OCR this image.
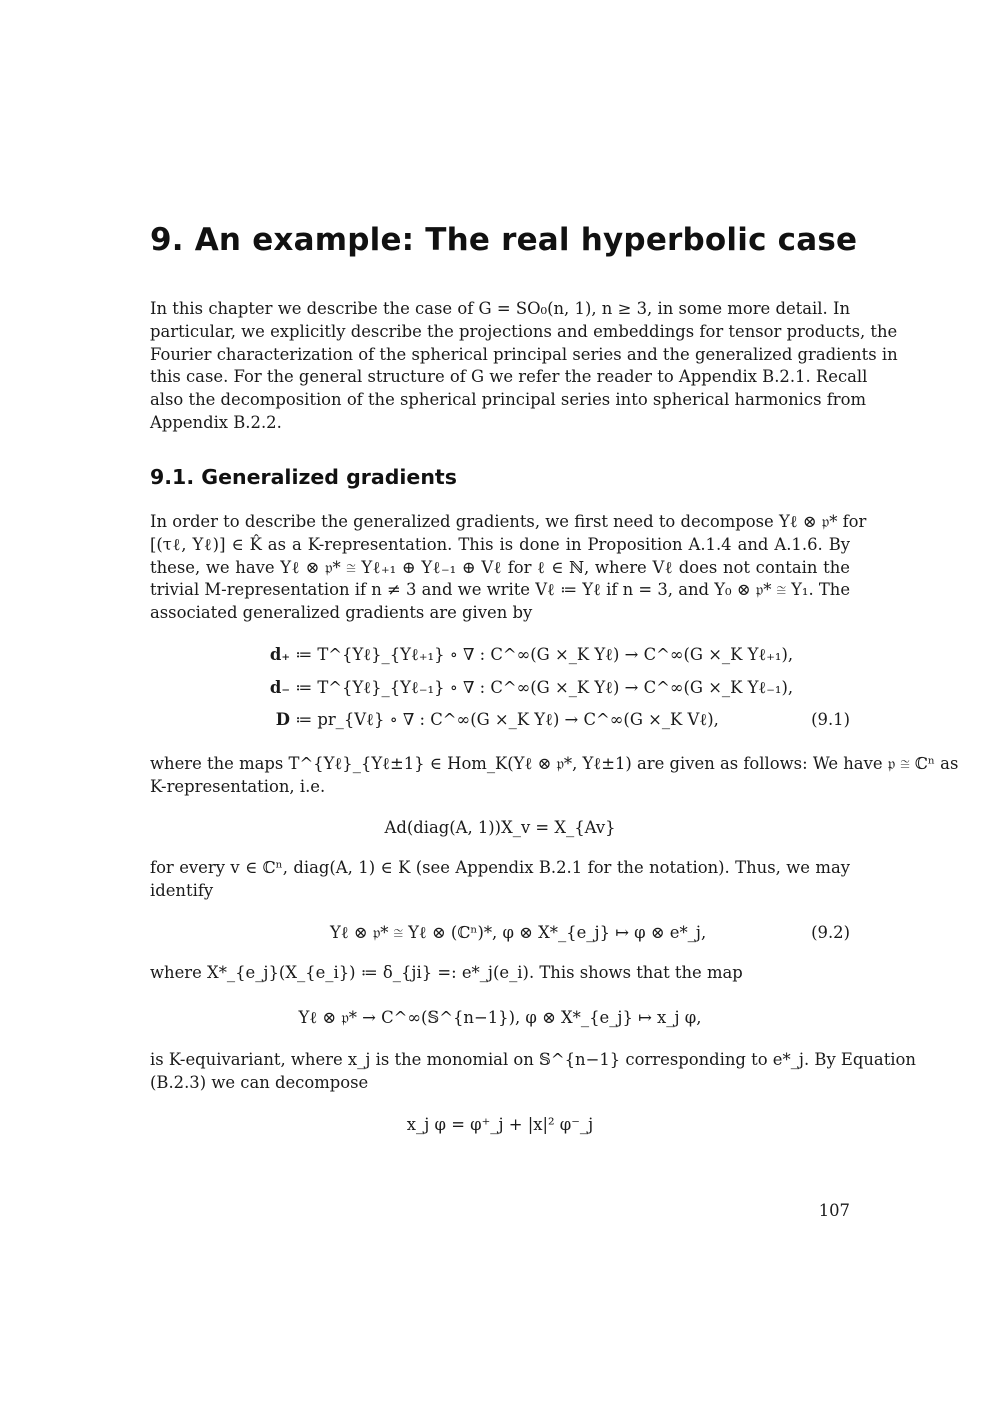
9. An example: The real hyperbolic case
In this chapter we describe the case of G = SO₀(n, 1), n ≥ 3, in some more detail. In
particular, we explicitly describe the projections and embeddings for tensor products, the
Fourier characterization of the spherical principal series and the generalized gradients in
this case. For the general structure of G we refer the reader to Appendix B.2.1. Recall
also the decomposition of the spherical principal series into spherical harmonics from
Appendix B.2.2.
9.1. Generalized gradients
In order to describe the generalized gradients, we first need to decompose Yℓ ⊗ 𝔭* for
[(τℓ, Yℓ)] ∈ K̂ as a K-representation. This is done in Proposition A.1.4 and A.1.6. By
these, we have Yℓ ⊗ 𝔭* ≅ Yℓ₊₁ ⊕ Yℓ₋₁ ⊕ Vℓ for ℓ ∈ ℕ, where Vℓ does not contain the
trivial M-representation if n ≠ 3 and we write Vℓ ≔ Yℓ if n = 3, and Y₀ ⊗ 𝔭* ≅ Y₁. The
associated generalized gradients are given by
d₊ ≔ T^{Yℓ}_{Yℓ₊₁} ∘ ∇ : C^∞(G ×_K Yℓ) → C^∞(G ×_K Yℓ₊₁),
d₋ ≔ T^{Yℓ}_{Yℓ₋₁} ∘ ∇ : C^∞(G ×_K Yℓ) → C^∞(G ×_K Yℓ₋₁),
D ≔ pr_{Vℓ} ∘ ∇ : C^∞(G ×_K Yℓ) → C^∞(G ×_K Vℓ),	(9.1)
where the maps T^{Yℓ}_{Yℓ±1} ∈ Hom_K(Yℓ ⊗ 𝔭*, Yℓ±1) are given as follows: We have 𝔭 ≅ ℂⁿ as
K-representation, i.e.
Ad(diag(A, 1))X_v = X_{Av}
for every v ∈ ℂⁿ, diag(A, 1) ∈ K (see Appendix B.2.1 for the notation). Thus, we may
identify
Yℓ ⊗ 𝔭* ≅ Yℓ ⊗ (ℂⁿ)*, φ ⊗ X*_{e_j} ↦ φ ⊗ e*_j,	(9.2)
where X*_{e_j}(X_{e_i}) ≔ δ_{ji} =: e*_j(e_i). This shows that the map
Yℓ ⊗ 𝔭* → C^∞(𝕊^{n−1}), φ ⊗ X*_{e_j} ↦ x_j φ,
is K-equivariant, where x_j is the monomial on 𝕊^{n−1} corresponding to e*_j. By Equation
(B.2.3) we can decompose
x_j φ = φ⁺_j + |x|² φ⁻_j
107
